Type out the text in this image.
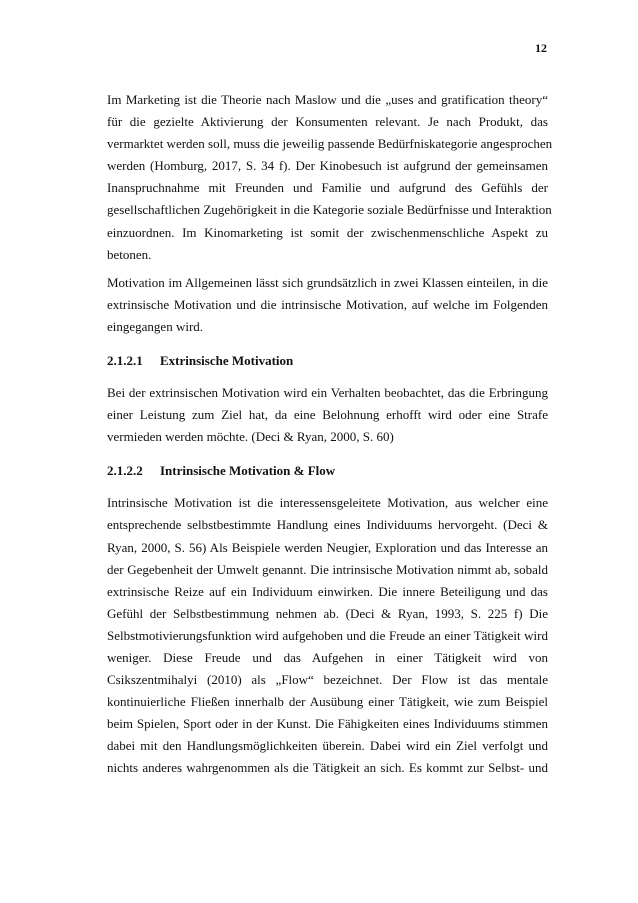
12

Im Marketing ist die Theorie nach Maslow und die „uses and gratification theory“
für die gezielte Aktivierung der Konsumenten relevant. Je nach Produkt, das
vermarktet werden soll, muss die jeweilig passende Bedürfniskategorie angesprochen
werden (Homburg, 2017, S. 34 f). Der Kinobesuch ist aufgrund der gemeinsamen
Inanspruchnahme mit Freunden und Familie und aufgrund des Gefühls der
gesellschaftlichen Zugehörigkeit in die Kategorie soziale Bedürfnisse und Interaktion
einzuordnen. Im Kinomarketing ist somit der zwischenmenschliche Aspekt zu
betonen.

Motivation im Allgemeinen lässt sich grundsätzlich in zwei Klassen einteilen, in die
extrinsische Motivation und die intrinsische Motivation, auf welche im Folgenden
eingegangen wird.

2.1.2.1	Extrinsische Motivation

Bei der extrinsischen Motivation wird ein Verhalten beobachtet, das die Erbringung
einer Leistung zum Ziel hat, da eine Belohnung erhofft wird oder eine Strafe
vermieden werden möchte. (Deci & Ryan, 2000, S. 60)

2.1.2.2	Intrinsische Motivation & Flow

Intrinsische Motivation ist die interessensgeleitete Motivation, aus welcher eine
entsprechende selbstbestimmte Handlung eines Individuums hervorgeht. (Deci &
Ryan, 2000, S. 56) Als Beispiele werden Neugier, Exploration und das Interesse an
der Gegebenheit der Umwelt genannt. Die intrinsische Motivation nimmt ab, sobald
extrinsische Reize auf ein Individuum einwirken. Die innere Beteiligung und das
Gefühl der Selbstbestimmung nehmen ab. (Deci & Ryan, 1993, S. 225 f) Die
Selbstmotivierungsfunktion wird aufgehoben und die Freude an einer Tätigkeit wird
weniger. Diese Freude und das Aufgehen in einer Tätigkeit wird von
Csikszentmihalyi (2010) als „Flow“ bezeichnet. Der Flow ist das mentale
kontinuierliche Fließen innerhalb der Ausübung einer Tätigkeit, wie zum Beispiel
beim Spielen, Sport oder in der Kunst. Die Fähigkeiten eines Individuums stimmen
dabei mit den Handlungsmöglichkeiten überein. Dabei wird ein Ziel verfolgt und
nichts anderes wahrgenommen als die Tätigkeit an sich. Es kommt zur Selbst- und
